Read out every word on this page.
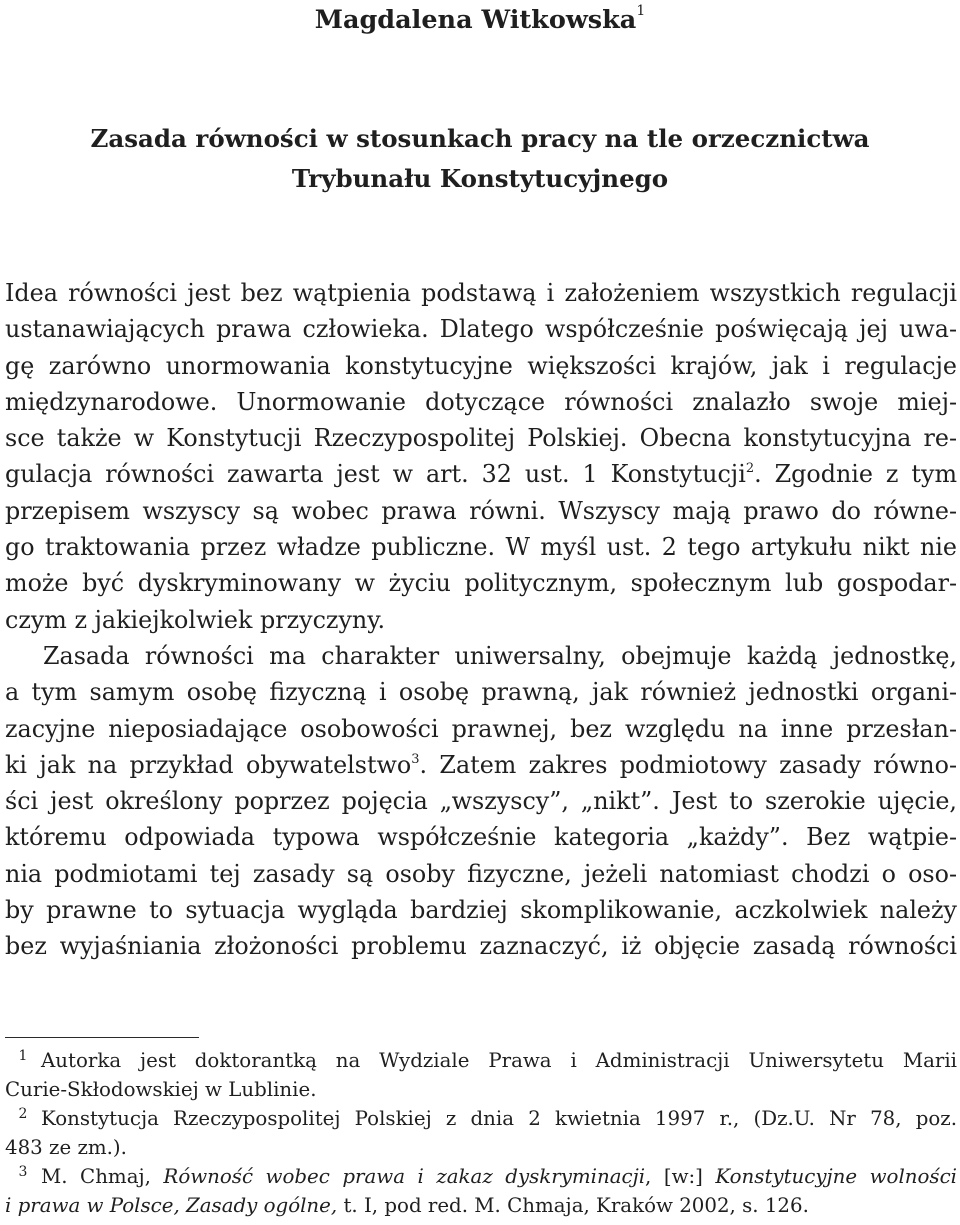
Magdalena Witkowska$^1$
Zasada równości w stosunkach pracy na tle orzecznictwa
Trybunału Konstytucyjnego
Idea równości jest bez wątpienia podstawą i założeniem wszystkich regulacji
ustanawiających prawa człowieka. Dlatego współcześnie poświęcają jej uwa-
gę zarówno unormowania konstytucyjne większości krajów, jak i regulacje
międzynarodowe. Unormowanie dotyczące równości znalazło swoje miej-
sce także w Konstytucji Rzeczypospolitej Polskiej. Obecna konstytucyjna re-
gulacja równości zawarta jest w art. 32 ust. 1 Konstytucji$^2$. Zgodnie z tym
przepisem wszyscy są wobec prawa równi. Wszyscy mają prawo do równe-
go traktowania przez władze publiczne. W myśl ust. 2 tego artykułu nikt nie
może być dyskryminowany w życiu politycznym, społecznym lub gospodar-
czym z jakiejkolwiek przyczyny.
Zasada równości ma charakter uniwersalny, obejmuje każdą jednostkę,
a tym samym osobę fizyczną i osobę prawną, jak również jednostki organi-
zacyjne nieposiadające osobowości prawnej, bez względu na inne przesłan-
ki jak na przykład obywatelstwo$^3$. Zatem zakres podmiotowy zasady równo-
ści jest określony poprzez pojęcia „wszyscy”, „nikt”. Jest to szerokie ujęcie,
któremu odpowiada typowa współcześnie kategoria „każdy”. Bez wątpie-
nia podmiotami tej zasady są osoby fizyczne, jeżeli natomiast chodzi o oso-
by prawne to sytuacja wygląda bardziej skomplikowanie, aczkolwiek należy
bez wyjaśniania złożoności problemu zaznaczyć, iż objęcie zasadą równości
1 Autorka jest doktorantką na Wydziale Prawa i Administracji Uniwersytetu Marii
Curie-Skłodowskiej w Lublinie.
2 Konstytucja Rzeczypospolitej Polskiej z dnia 2 kwietnia 1997 r., (Dz.U. Nr 78, poz.
483 ze zm.).
3 M. Chmaj, Równość wobec prawa i zakaz dyskryminacji, [w:] Konstytucyjne wolności
i prawa w Polsce, Zasady ogólne, t. I, pod red. M. Chmaja, Kraków 2002, s. 126.
